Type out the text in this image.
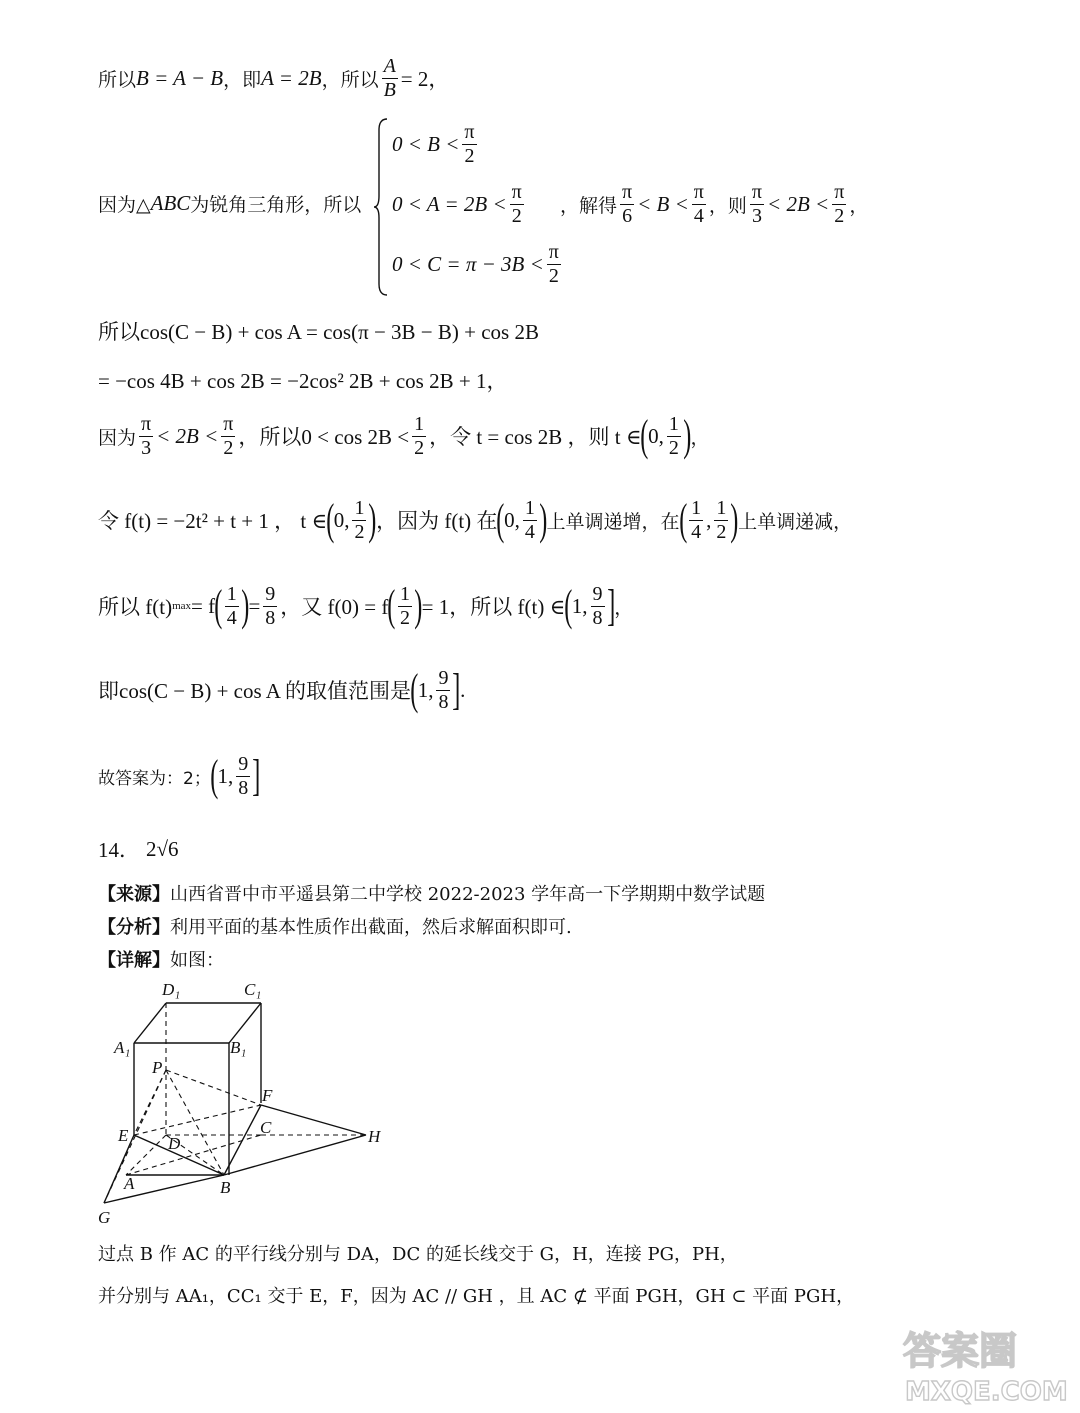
所以 B = A − B ，即 A = 2B ，所以 $\frac{A}{B} = 2$，
因为△ ABC 为锐角三角形，所以
$0 < B < \frac{\pi}{2}$
$0 < A = 2B < \frac{\pi}{2}$
$0 < C = \pi - 3B < \frac{\pi}{2}$
，解得 $\frac{\pi}{6} < B < \frac{\pi}{4}$ ，则 $\frac{\pi}{3} < 2B < \frac{\pi}{2}$ ，
所以cos(C − B) + cos A = cos(π − 3B − B) + cos 2B
= −cos 4B + cos 2B = −2cos² 2B + cos 2B + 1，
因为 $\frac{\pi}{3} < 2B < \frac{\pi}{2}$ ，所以$0 < \cos 2B < \frac{1}{2}$ ，令 t = cos 2B ，则 t ∈ ( 0, $\frac{1}{2}$ ) ，
令 f(t) = −2t² + t + 1 ， t ∈ ( 0, $\frac{1}{2}$ ) ，因为 f(t) 在 ( 0, $\frac{1}{4}$ ) 上单调递增，在 ( $\frac{1}{4}$ , $\frac{1}{2}$ ) 上单调递减，
所以 f(t) max = f ( $\frac{1}{4}$ ) = $\frac{9}{8}$ ，又 f(0) = f ( $\frac{1}{2}$ ) = 1，所以 f(t) ∈ ( 1, $\frac{9}{8}$ ] ，
即cos(C − B) + cos A 的取值范围是 ( 1, $\frac{9}{8}$ ] .
故答案为：2； ( 1, $\frac{9}{8}$ ]
14． 2√6
【来源】山西省晋中市平遥县第二中学校 2022-2023 学年高一下学期期中数学试题
【分析】利用平面的基本性质作出截面，然后求解面积即可.
【详解】如图：
D₁	C₁
A₁	B₁
P
F
E D
C	H
A	B
G
过点 B 作 AC 的平行线分别与 DA，DC 的延长线交于 G，H，连接 PG，PH，
并分别与 AA₁，CC₁ 交于 E，F，因为 AC // GH ，且 AC ⊄ 平面 PGH，GH ⊂ 平面 PGH，
答案圈
MXQE.COM
